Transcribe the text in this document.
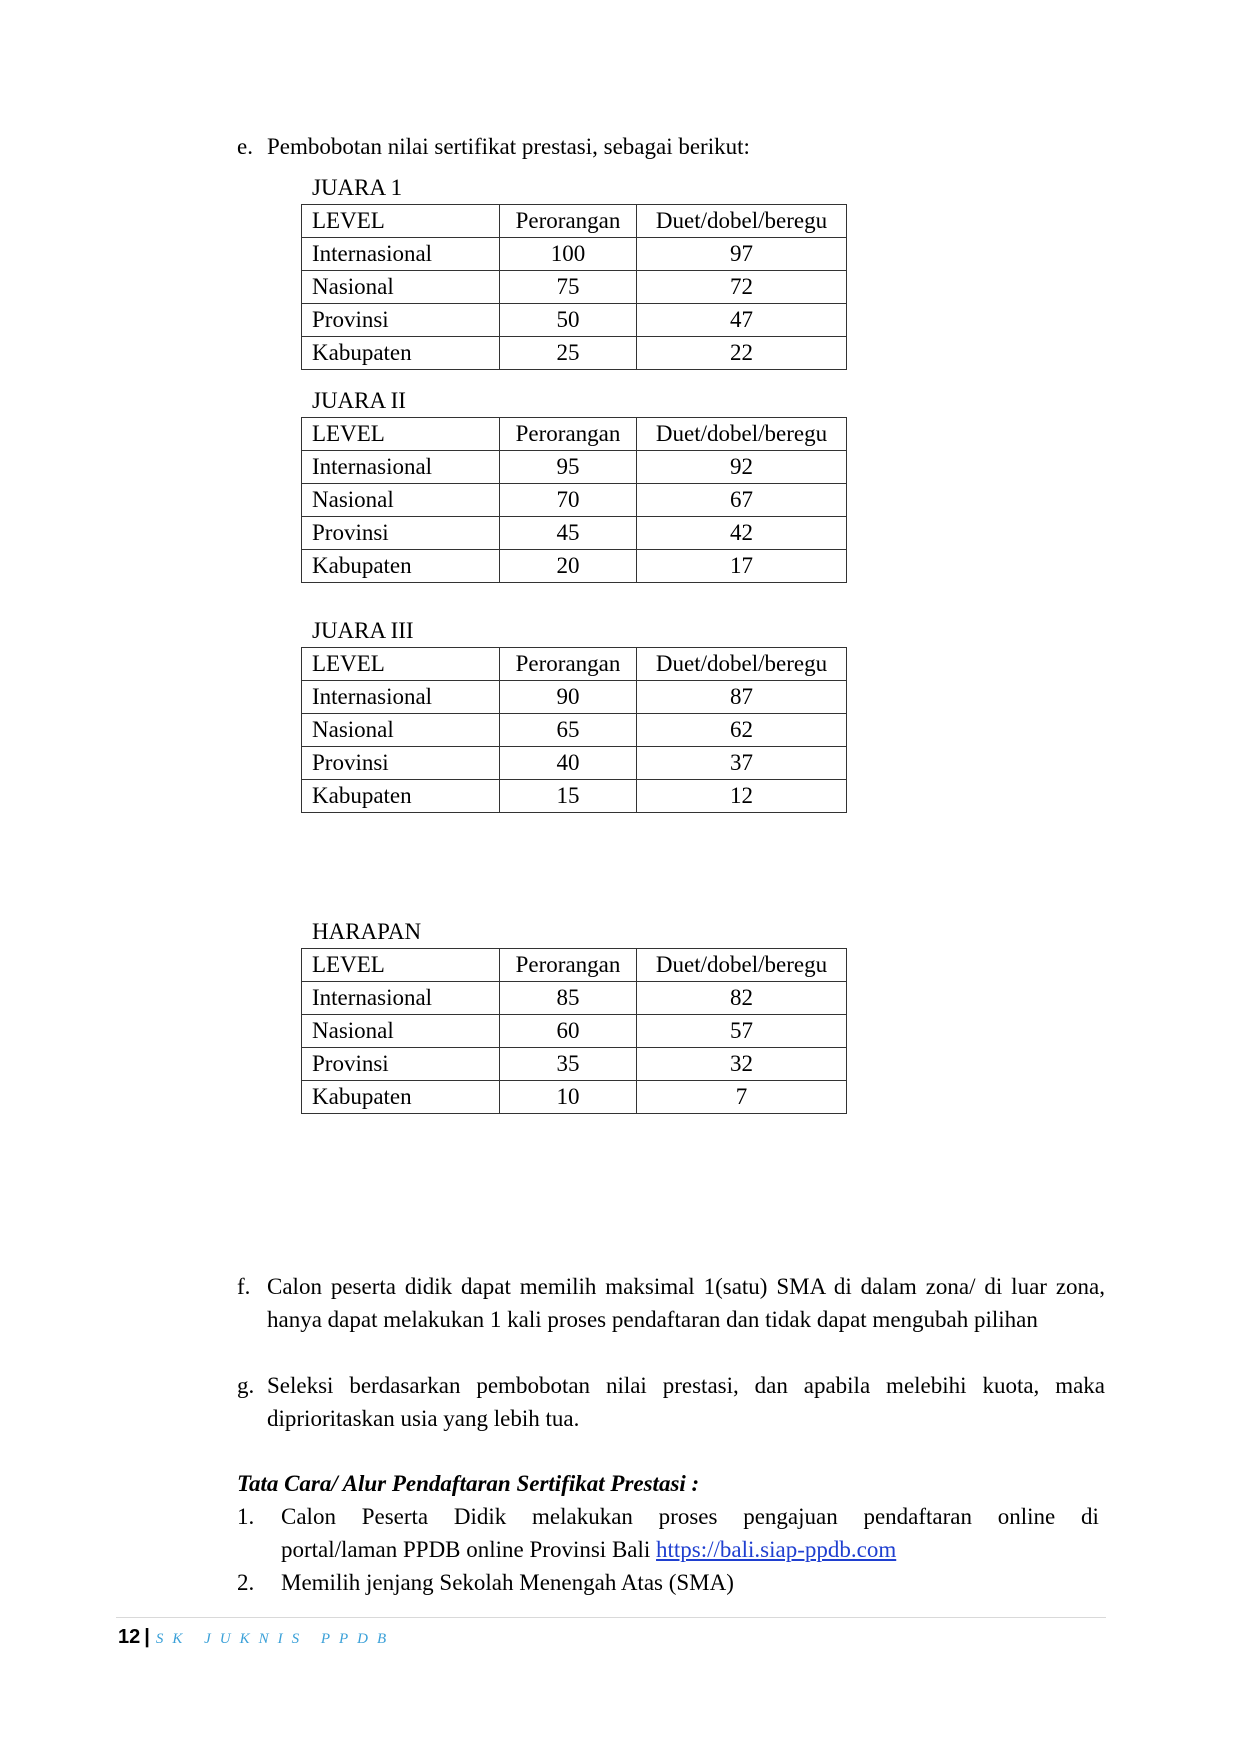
e. Pembobotan nilai sertifikat prestasi, sebagai berikut:
JUARA 1
LEVEL	Perorangan	Duet/dobel/beregu
Internasional	100	97
Nasional	75	72
Provinsi	50	47
Kabupaten	25	22
JUARA II
LEVEL	Perorangan	Duet/dobel/beregu
Internasional	95	92
Nasional	70	67
Provinsi	45	42
Kabupaten	20	17
JUARA III
LEVEL	Perorangan	Duet/dobel/beregu
Internasional	90	87
Nasional	65	62
Provinsi	40	37
Kabupaten	15	12
HARAPAN
LEVEL	Perorangan	Duet/dobel/beregu
Internasional	85	82
Nasional	60	57
Provinsi	35	32
Kabupaten	10	7
f. Calon peserta didik dapat memilih maksimal 1(satu) SMA di dalam zona/ di luar zona, hanya dapat melakukan 1 kali proses pendaftaran dan tidak dapat mengubah pilihan
g. Seleksi berdasarkan pembobotan nilai prestasi, dan apabila melebihi kuota, maka diprioritaskan usia yang lebih tua.
Tata Cara/ Alur Pendaftaran Sertifikat Prestasi :
1. Calon Peserta Didik melakukan proses pengajuan pendaftaran online di
portal/laman PPDB online Provinsi Bali https://bali.siap-ppdb.com
2. Memilih jenjang Sekolah Menengah Atas (SMA)
12 | SK JUKNIS PPDB
